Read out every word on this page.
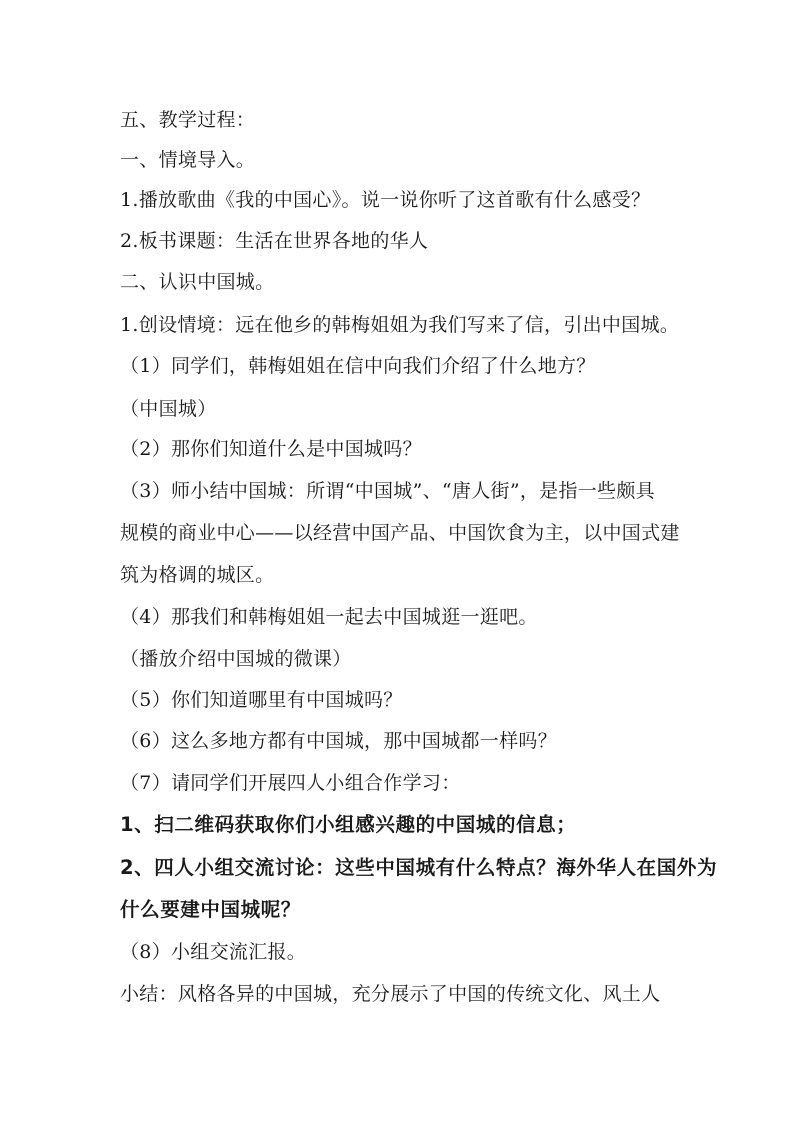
五、教学过程：
一、情境导入。
1.播放歌曲《我的中国心》。说一说你听了这首歌有什么感受？
2.板书课题：生活在世界各地的华人
二、认识中国城。
1.创设情境：远在他乡的韩梅姐姐为我们写来了信，引出中国城。
（1）同学们，韩梅姐姐在信中向我们介绍了什么地方？
（中国城）
（2）那你们知道什么是中国城吗？
（3）师小结中国城：所谓“中国城”、“唐人街”，是指一些颇具
规模的商业中心——以经营中国产品、中国饮食为主，以中国式建
筑为格调的城区。
（4）那我们和韩梅姐姐一起去中国城逛一逛吧。
（播放介绍中国城的微课）
（5）你们知道哪里有中国城吗？
（6）这么多地方都有中国城，那中国城都一样吗？
（7）请同学们开展四人小组合作学习：
1、扫二维码获取你们小组感兴趣的中国城的信息；
2、四人小组交流讨论：这些中国城有什么特点？海外华人在国外为
什么要建中国城呢？
（8）小组交流汇报。
小结：风格各异的中国城，充分展示了中国的传统文化、风土人
